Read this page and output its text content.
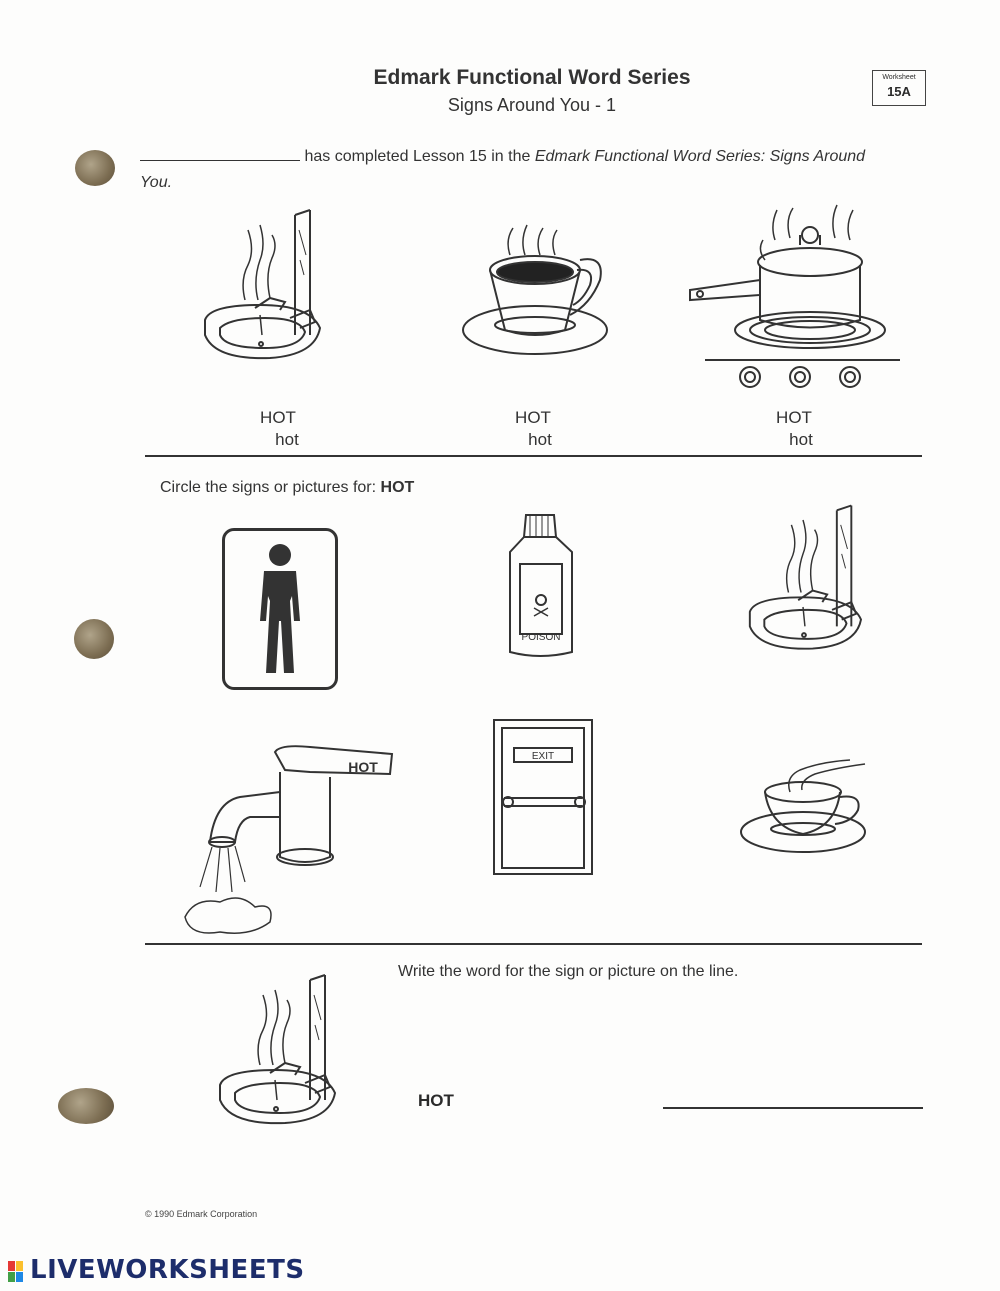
Edmark Functional Word Series
Signs Around You - 1
Worksheet
15A
has completed Lesson 15 in the Edmark Functional Word Series: Signs Around
You.
HOT
hot
HOT
hot
HOT
hot
Circle the signs or pictures for: HOT
POISON
HOT
EXIT
Write the word for the sign or picture on the line.
HOT
© 1990 Edmark Corporation
LIVEWORKSHEETS
